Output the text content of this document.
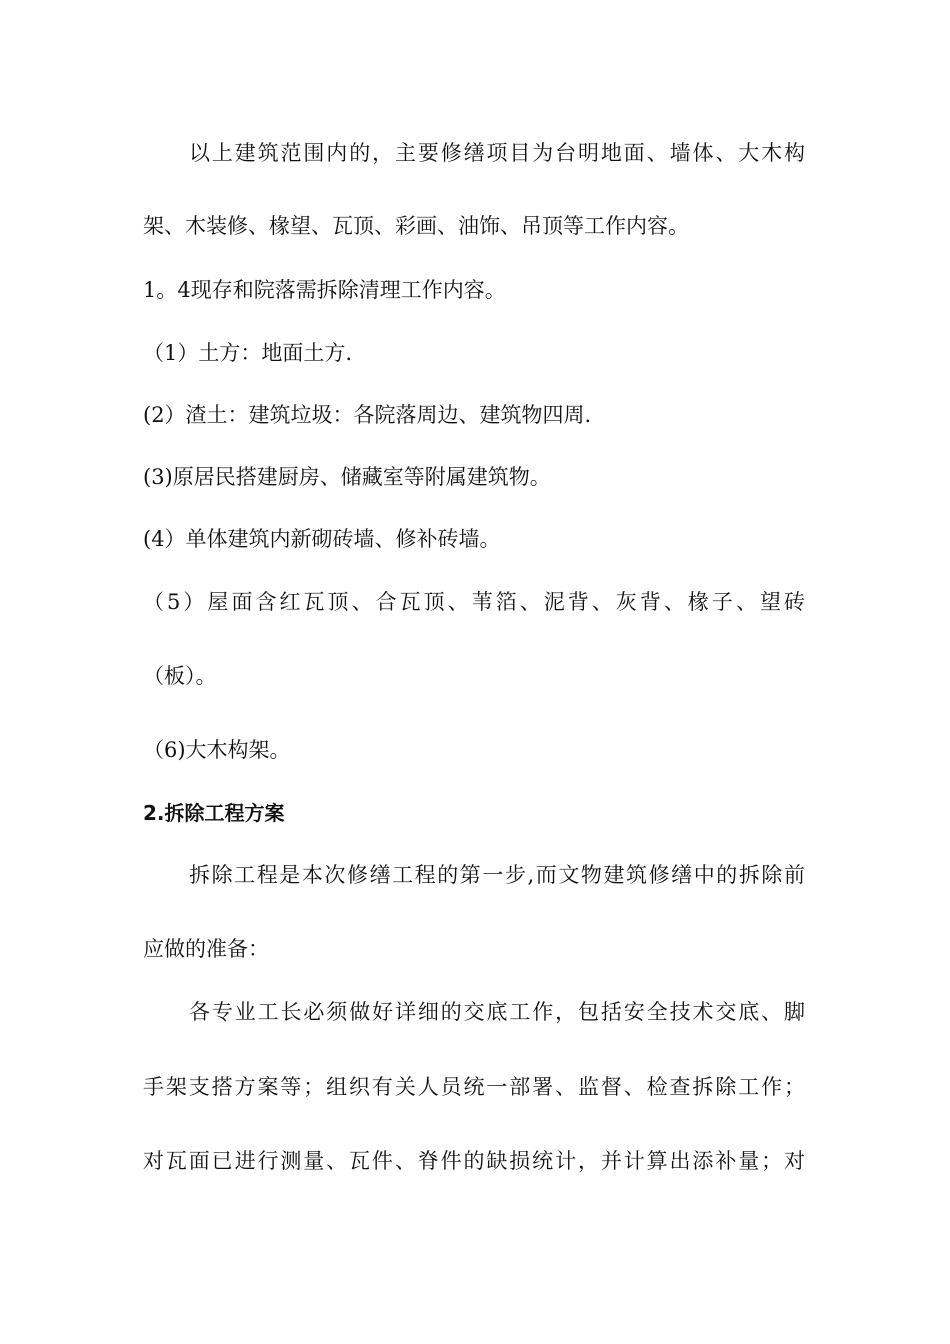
以上建筑范围内的，主要修缮项目为台明地面、墙体、大木构

架、木装修、椽望、瓦顶、彩画、油饰、吊顶等工作内容。

1。4现存和院落需拆除清理工作内容。

（1）土方：地面土方.

(2）渣土：建筑垃圾：各院落周边、建筑物四周.

(3)原居民搭建厨房、储藏室等附属建筑物。

(4）单体建筑内新砌砖墙、修补砖墙。

（5）屋面含红瓦顶、合瓦顶、苇箔、泥背、灰背、椽子、望砖

（板）。

（6)大木构架。

2.拆除工程方案

拆除工程是本次修缮工程的第一步,而文物建筑修缮中的拆除前

应做的准备：

各专业工长必须做好详细的交底工作，包括安全技术交底、脚

手架支搭方案等；组织有关人员统一部署、监督、检查拆除工作；

对瓦面已进行测量、瓦件、脊件的缺损统计，并计算出添补量；对
